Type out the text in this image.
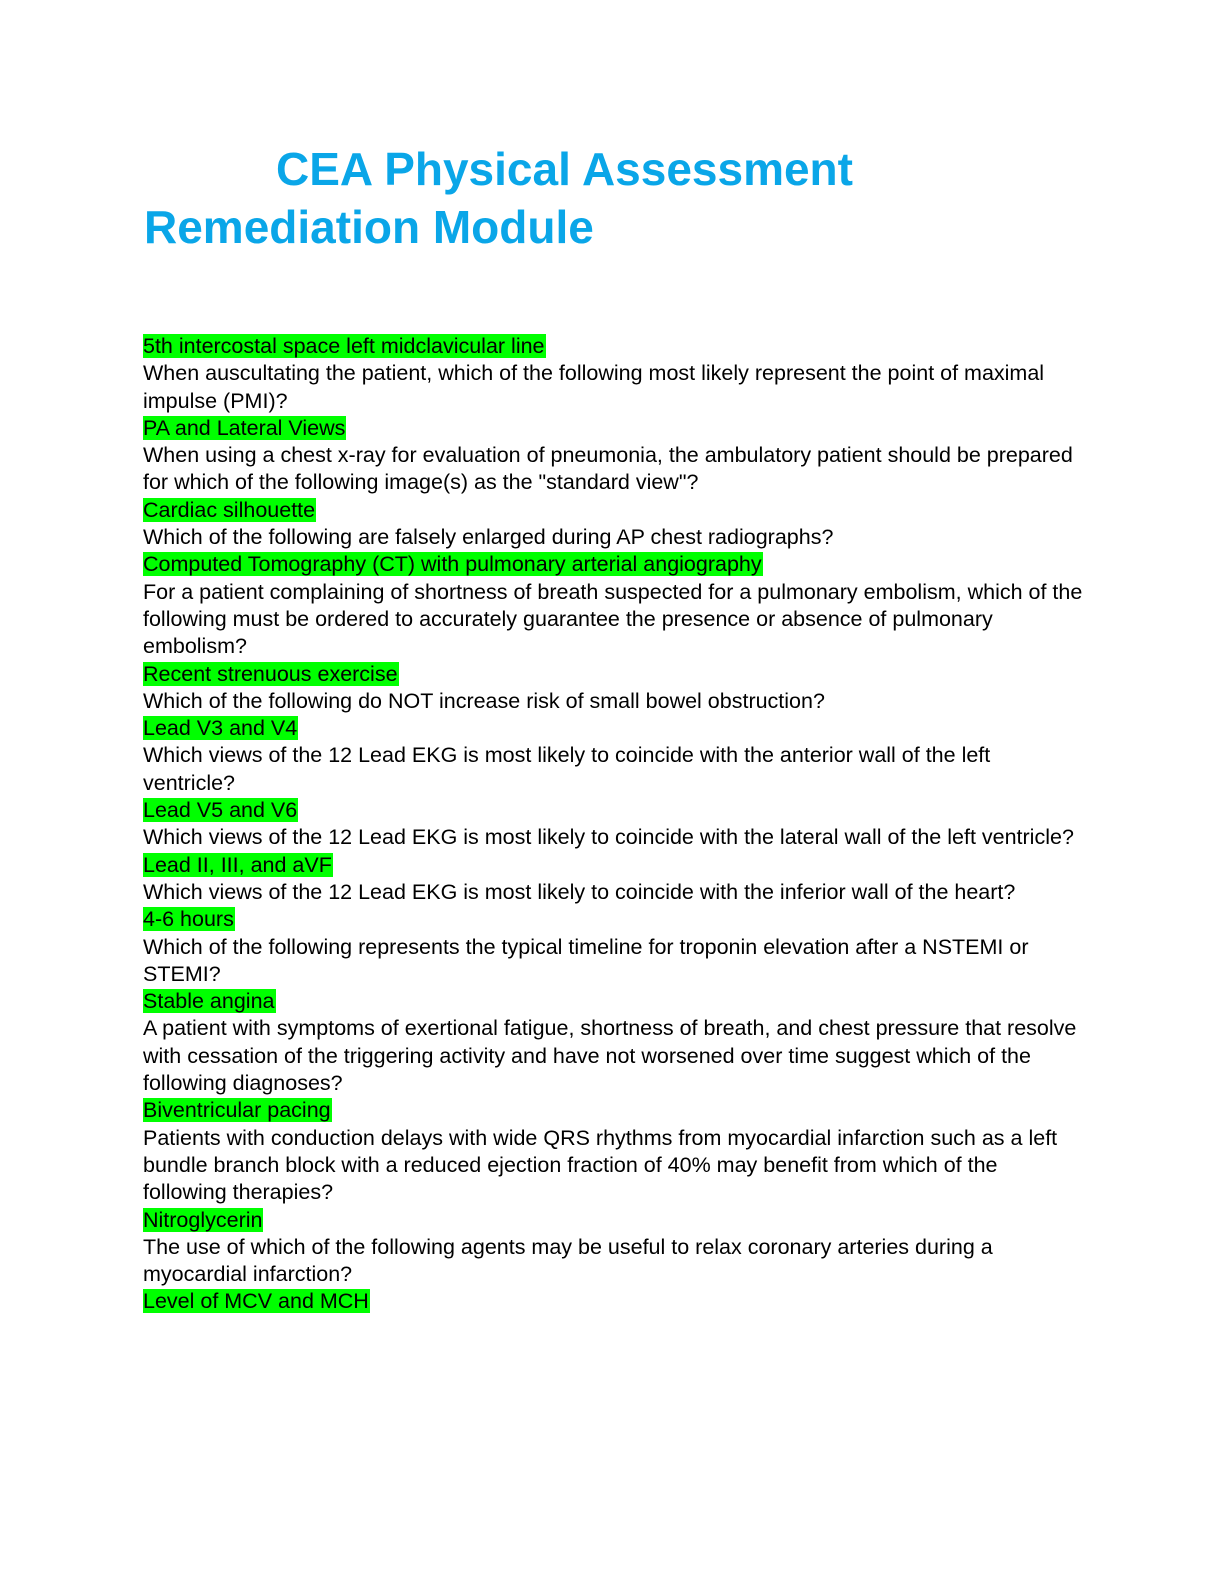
CEA Physical Assessment
Remediation Module
5th intercostal space left midclavicular line
When auscultating the patient, which of the following most likely represent the point of maximal impulse (PMI)?
PA and Lateral Views
When using a chest x-ray for evaluation of pneumonia, the ambulatory patient should be prepared for which of the following image(s) as the "standard view"?
Cardiac silhouette
Which of the following are falsely enlarged during AP chest radiographs?
Computed Tomography (CT) with pulmonary arterial angiography
For a patient complaining of shortness of breath suspected for a pulmonary embolism, which of the following must be ordered to accurately guarantee the presence or absence of pulmonary embolism?
Recent strenuous exercise
Which of the following do NOT increase risk of small bowel obstruction?
Lead V3 and V4
Which views of the 12 Lead EKG is most likely to coincide with the anterior wall of the left ventricle?
Lead V5 and V6
Which views of the 12 Lead EKG is most likely to coincide with the lateral wall of the left ventricle?
Lead II, III, and aVF
Which views of the 12 Lead EKG is most likely to coincide with the inferior wall of the heart?
4-6 hours
Which of the following represents the typical timeline for troponin elevation after a NSTEMI or STEMI?
Stable angina
A patient with symptoms of exertional fatigue, shortness of breath, and chest pressure that resolve with cessation of the triggering activity and have not worsened over time suggest which of the following diagnoses?
Biventricular pacing
Patients with conduction delays with wide QRS rhythms from myocardial infarction such as a left bundle branch block with a reduced ejection fraction of 40% may benefit from which of the following therapies?
Nitroglycerin
The use of which of the following agents may be useful to relax coronary arteries during a myocardial infarction?
Level of MCV and MCH
